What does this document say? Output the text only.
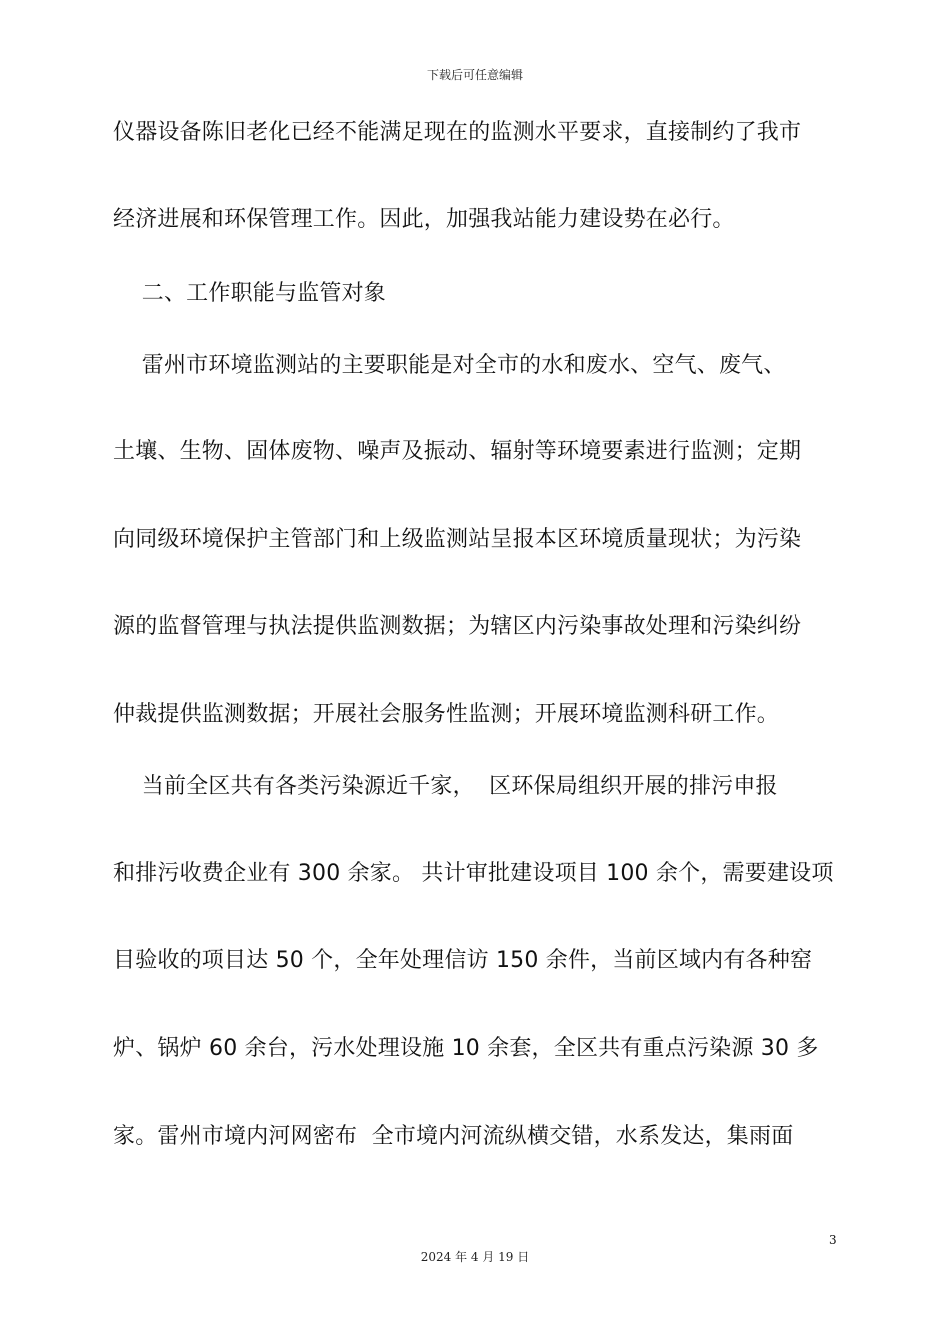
下载后可任意编辑
仪器设备陈旧老化已经不能满足现在的监测水平要求，直接制约了我市
经济进展和环保管理工作。因此，加强我站能力建设势在必行。
二、工作职能与监管对象
雷州市环境监测站的主要职能是对全市的水和废水、空气、废气、
土壤、生物、固体废物、噪声及振动、辐射等环境要素进行监测；定期
向同级环境保护主管部门和上级监测站呈报本区环境质量现状；为污染
源的监督管理与执法提供监测数据；为辖区内污染事故处理和污染纠纷
仲裁提供监测数据；开展社会服务性监测；开展环境监测科研工作。
当前全区共有各类污染源近千家，  区环保局组织开展的排污申报
和排污收费企业有 300 余家。 共计审批建设项目 100 余个，需要建设项
目验收的项目达 50 个，全年处理信访 150 余件，当前区域内有各种窑
炉、锅炉 60 余台，污水处理设施 10 余套，全区共有重点污染源 30 多
家。雷州市境内河网密布  全市境内河流纵横交错，水系发达，集雨面
3
2024 年 4 月 19 日
